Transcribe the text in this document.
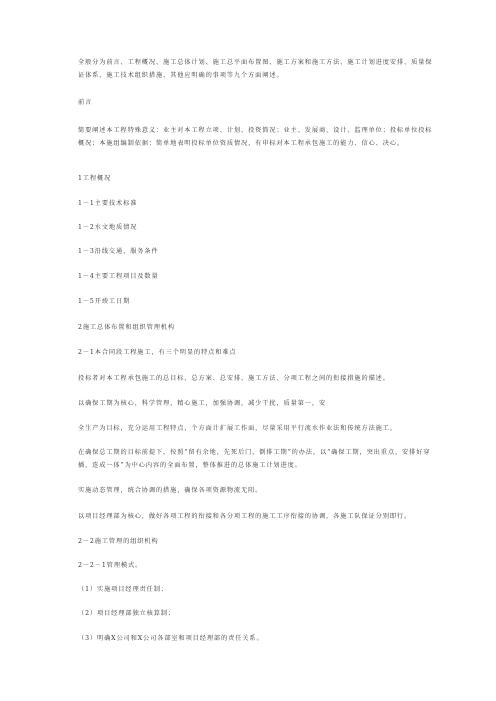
全般分为前言、工程概况、施工总体计划、施工总平面布置图、施工方案和施工方法、施工计划进度安排、质量保证体系、施工技术组织措施、其他应明确的事项等九个方面阐述。
前言
简要阐述本工程特殊意义：业主对本工程立项、计划、投资简况；业主、发展商、设计、监理单位；投标单位投标概况；本施组编制依据；简单地表明投标单位资质情况，有申标对本工程承包施工的能力、信心、决心。
1工程概况
1－1主要技术标准
1－2水文地质情况
1－3沿线交通、服务条件
1－4主要工程项目及数量
1－5开竣工日期
2施工总体布置和组织管理机构
2－1本合同段工程施工，有三个明显的特点和难点
投标者对本工程承包施工的总目标、总方案、总安排、施工方法、分项工程之间的衔接措施的描述。
以确保工期为核心，科学管理，精心施工，加强协调，减少干扰，质量第一，安
全生产为目标，充分运用工程特点，个方面计扩展工作面，尽量采用平行流水作业法和传统方法施工。
在确保总工期的目标前提下，按照“留有余地，先死后门，倒排工期”的办法，以“确保工期，突出重点，安排好穿插，连成一体”为中心内容的全面布置，整体推进的总体施工计划进度。
实施动态管理，统合协调的措施，确保各项资源物流无阻。
以项目经理部为核心，做好各项工程的衔接和各分项工程的施工工序衔接的协调，各施工队保证分别即行。
2－2施工管理的组织机构
2－2－1管理模式。
（1）实施项目经理责任制；
（2）项目经理部独立核算制；
（3）明确X公司和X公司各部室和项目经理部的责任关系。
